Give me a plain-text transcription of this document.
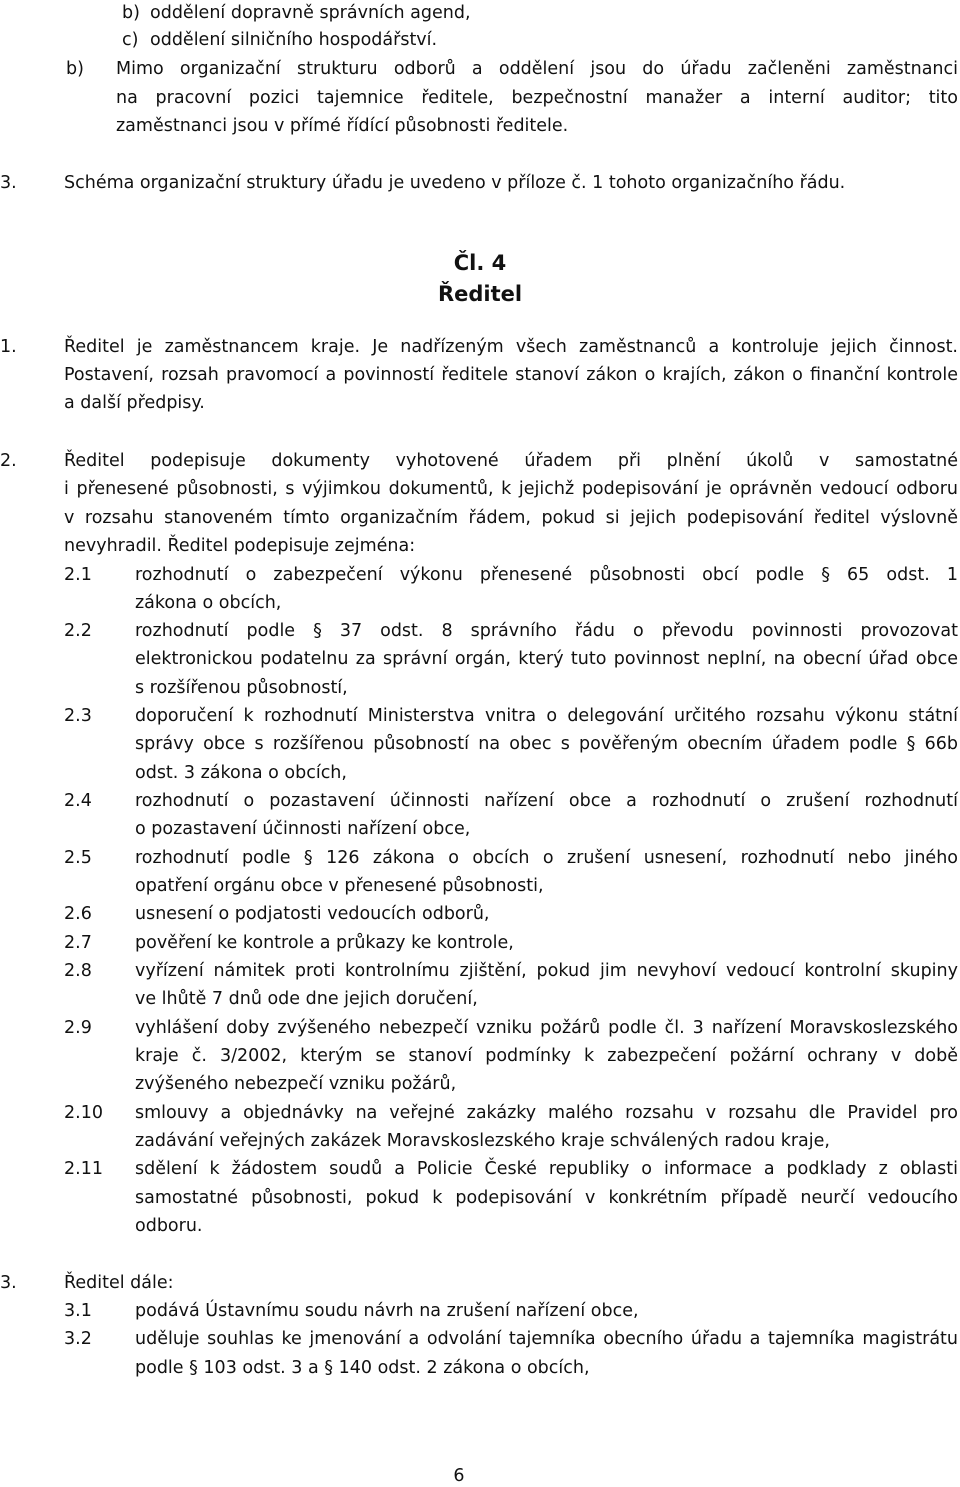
b) oddělení dopravně správních agend,
c) oddělení silničního hospodářství.
b) Mimo organizační strukturu odborů a oddělení jsou do úřadu začleněni zaměstnanci
na pracovní pozici tajemnice ředitele, bezpečnostní manažer a interní auditor; tito
zaměstnanci jsou v přímé řídící působnosti ředitele.
3.	Schéma organizační struktury úřadu je uvedeno v příloze č. 1 tohoto organizačního řádu.
Čl. 4
Ředitel
1.	Ředitel je zaměstnancem kraje. Je nadřízeným všech zaměstnanců a kontroluje jejich činnost.
Postavení, rozsah pravomocí a povinností ředitele stanoví zákon o krajích, zákon o finanční kontrole
a další předpisy.
2.	Ředitel podepisuje dokumenty vyhotovené úřadem při plnění úkolů v samostatné
i přenesené působnosti, s výjimkou dokumentů, k jejichž podepisování je oprávněn vedoucí odboru
v rozsahu stanoveném tímto organizačním řádem, pokud si jejich podepisování ředitel výslovně
nevyhradil. Ředitel podepisuje zejména:
2.1 rozhodnutí o zabezpečení výkonu přenesené působnosti obcí podle § 65 odst. 1
zákona o obcích,
2.2 rozhodnutí podle § 37 odst. 8 správního řádu o převodu povinnosti provozovat
elektronickou podatelnu za správní orgán, který tuto povinnost neplní, na obecní úřad obce
s rozšířenou působností,
2.3 doporučení k rozhodnutí Ministerstva vnitra o delegování určitého rozsahu výkonu státní
správy obce s rozšířenou působností na obec s pověřeným obecním úřadem podle § 66b
odst. 3 zákona o obcích,
2.4 rozhodnutí o pozastavení účinnosti nařízení obce a rozhodnutí o zrušení rozhodnutí
o pozastavení účinnosti nařízení obce,
2.5 rozhodnutí podle § 126 zákona o obcích o zrušení usnesení, rozhodnutí nebo jiného
opatření orgánu obce v přenesené působnosti,
2.6 usnesení o podjatosti vedoucích odborů,
2.7 pověření ke kontrole a průkazy ke kontrole,
2.8 vyřízení námitek proti kontrolnímu zjištění, pokud jim nevyhoví vedoucí kontrolní skupiny
ve lhůtě 7 dnů ode dne jejich doručení,
2.9 vyhlášení doby zvýšeného nebezpečí vzniku požárů podle čl. 3 nařízení Moravskoslezského
kraje č. 3/2002, kterým se stanoví podmínky k zabezpečení požární ochrany v době
zvýšeného nebezpečí vzniku požárů,
2.10 smlouvy a objednávky na veřejné zakázky malého rozsahu v rozsahu dle Pravidel pro
zadávání veřejných zakázek Moravskoslezského kraje schválených radou kraje,
2.11 sdělení k žádostem soudů a Policie České republiky o informace a podklady z oblasti
samostatné působnosti, pokud k podepisování v konkrétním případě neurčí vedoucího
odboru.
3.	Ředitel dále:
3.1 podává Ústavnímu soudu návrh na zrušení nařízení obce,
3.2 uděluje souhlas ke jmenování a odvolání tajemníka obecního úřadu a tajemníka magistrátu
podle § 103 odst. 3 a § 140 odst. 2 zákona o obcích,
6
